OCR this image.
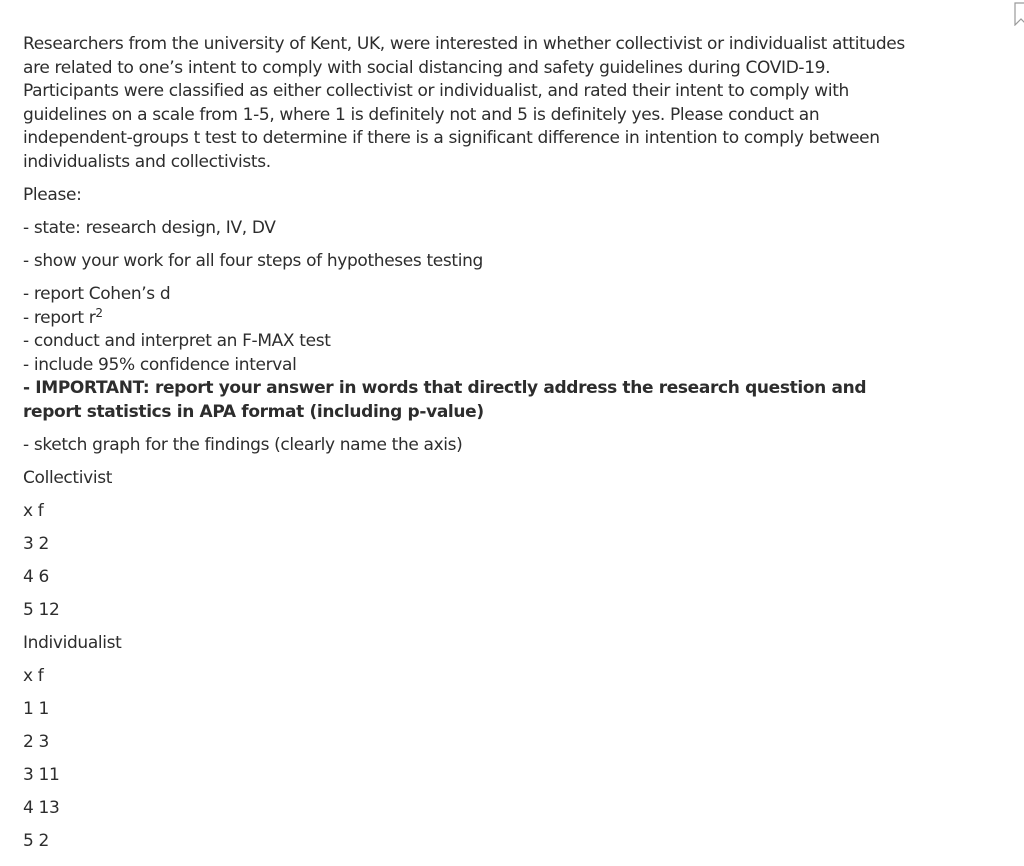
Researchers from the university of Kent, UK, were interested in whether collectivist or individualist attitudes are related to one’s intent to comply with social distancing and safety guidelines during COVID-19. Participants were classified as either collectivist or individualist, and rated their intent to comply with guidelines on a scale from 1-5, where 1 is definitely not and 5 is definitely yes. Please conduct an independent-groups t test to determine if there is a significant difference in intention to comply between individualists and collectivists.

Please:

- state: research design, IV, DV

- show your work for all four steps of hypotheses testing

- report Cohen’s d

- report $r^2$

- conduct and interpret an F-MAX test

- include 95% confidence interval

- IMPORTANT: report your answer in words that directly address the research question and report statistics in APA format (including p-value)

- sketch graph for the findings (clearly name the axis)

Collectivist

x f

3 2

4 6

5 12

Individualist

x f

1 1

2 3

3 11

4 13

5 2
